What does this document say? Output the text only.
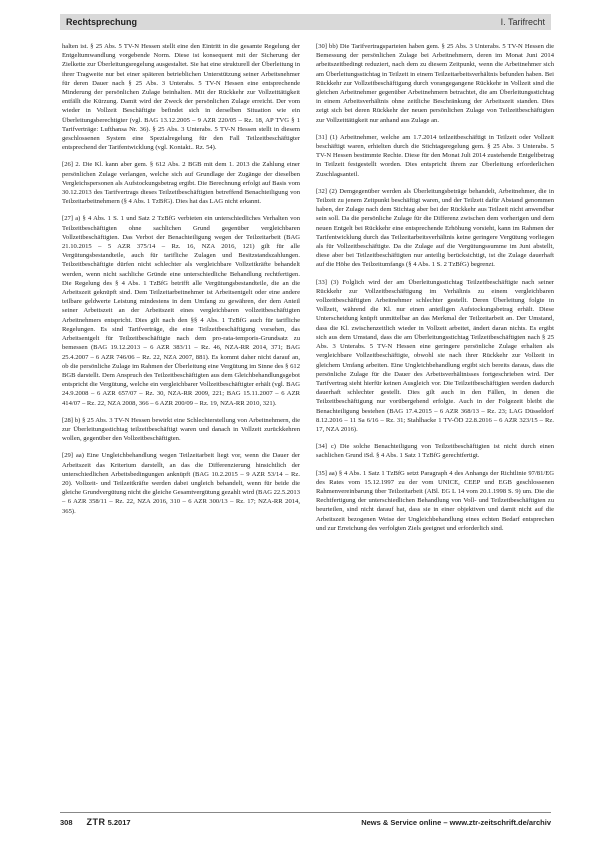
Rechtsprechung	I. Tarifrecht

halten ist. § 25 Abs. 5 TV-N Hessen stellt eine den Eintritt in die gesamte Regelung der Entgeltumwandlung vorgebende Norm. Diese ist konsequent mit der Sicherung der Zielkette zur Überleitungsregelung ausgestaltet. Sie hat eine strukturell der Überleitung in ihrer Tragweite nur bei einer späteren betrieblichen Unterstützung seiner Arbeitsnehmer für deren Dauer nach § 25 Abs. 3 Unterabs. 5 TV-N Hessen eine entsprechende Minderung der persönlichen Zulage beinhalten. Mit der Rückkehr zur Vollzeittätigkeit entfällt die Kürzung. Damit wird der Zweck der persönlichen Zulage erreicht. Der vom wieder in Vollzeit Beschäftigte befindet sich in derselben Situation wie ein Überleitungsberechtigter (vgl. BAG 13.12.2005 – 9 AZR 220/05 – Rz. 18, AP TVG § 1 Tarifverträge: Lufthansa Nr. 36). § 25 Abs. 3 Unterabs. 5 TV-N Hessen stellt in diesem geschlossenen System eine Spezialregelung für den Fall Teilzeitbeschäftigter entsprechend der Tarifentwicklung (vgl. Kontakt.. Rz. 54).

[26] 2. Die Kl. kann aber gem. § 612 Abs. 2 BGB mit dem 1. 2013 die Zahlung einer persönlichen Zulage verlangen, welche sich auf Grundlage der Zugänge der dieselben Vergleichspersonen als Aufstockungsbetrag ergibt. Die Berechnung erfolgt auf Basis vom 30.12.2013 des Tarifvertrags dieses Teilzeitbeschäftigten betreffend Benachteiligung von Teilzeitarbeitnehmern (§ 4 Abs. 1 TzBfG). Dies hat das LAG nicht erkannt.

[27] a) § 4 Abs. 1 S. 1 und Satz 2 TzBfG verbieten ein unterschiedliches Verhalten von Teilzeitbeschäftigten ohne sachlichen Grund gegenüber vergleichbaren Vollzeitbeschäftigten. Das Verbot der Benachteiligung wegen der Teilzeitarbeit (BAG 21.10.2015 – 5 AZR 375/14 – Rz. 16, NZA 2016, 121) gilt für alle Vergütungsbestandteile, auch für tarifliche Zulagen und Besitzstandszahlungen. Teilzeitbeschäftigte dürfen nicht schlechter als vergleichbare Vollzeitkräfte behandelt werden, wenn nicht sachliche Gründe eine unterschiedliche Behandlung rechtfertigen. Die Regelung des § 4 Abs. 1 TzBfG betrifft alle Vergütungsbestandteile, die an die Arbeitszeit geknüpft sind. Dem Teilzeitarbeitnehmer ist Arbeitsentgelt oder eine andere teilbare geldwerte Leistung mindestens in dem Umfang zu gewähren, der dem Anteil seiner Arbeitszeit an der Arbeitszeit eines vergleichbaren vollzeitbeschäftigten Arbeitnehmers entspricht. Dies gilt nach den §§ 4 Abs. 1 TzBfG auch für tarifliche Regelungen. Es sind Tarifverträge, die eine Teilzeitbeschäftigung vorsehen, das Arbeitsentgelt für Teilzeitbeschäftigte nach dem pro-rata-temporis-Grundsatz zu bemessen (BAG 19.12.2013 – 6 AZR 383/11 – Rz. 46, NZA-RR 2014, 371; BAG 25.4.2007 – 6 AZR 746/06 – Rz. 22, NZA 2007, 881). Es kommt daher nicht darauf an, ob die persönliche Zulage im Rahmen der Überleitung eine Vergütung im Sinne des § 612 BGB darstellt. Dem Anspruch des Teilzeitbeschäftigten aus dem Gleichbehandlungsgebot entspricht die Vergütung, welche ein vergleichbarer Vollzeitbeschäftigter erhält (vgl. BAG 24.9.2008 – 6 AZR 657/07 – Rz. 30, NZA-RR 2009, 221; BAG 15.11.2007 – 6 AZR 414/07 – Rz. 22, NZA 2008, 366 – 6 AZR 200/09 – Rz. 19, NZA-RR 2010, 321).

[28] b) § 25 Abs. 3 TV-N Hessen bewirkt eine Schlechterstellung von Arbeitnehmern, die zur Überleitungsstichtag teilzeitbeschäftigt waren und danach in Vollzeit zurückkehren wollen, gegenüber den Vollzeitbeschäftigten.

[29] aa) Eine Ungleichbehandlung wegen Teilzeitarbeit liegt vor, wenn die Dauer der Arbeitszeit das Kriterium darstellt, an das die Differenzierung hinsichtlich der unterschiedlichen Arbeitsbedingungen anknüpft (BAG 10.2.2015 – 9 AZR 53/14 – Rz. 20). Vollzeit- und Teilzeitkräfte werden dabei ungleich behandelt, wenn für beide die gleiche Grundvergütung nicht die gleiche Gesamtvergütung gezahlt wird (BAG 22.5.2013 – 6 AZR 358/11 – Rz. 22, NZA 2016, 310 – 6 AZR 300/13 – Rz. 17; NZA-RR 2014, 365).

[30] bb) Die Tarifvertragsparteien haben gem. § 25 Abs. 3 Unterabs. 5 TV-N Hessen die Bemessung der persönlichen Zulage bei Arbeitnehmern, deren im Monat Juni 2014 arbeitszeitbedingt reduziert, nach dem zu diesem Zeitpunkt, wenn die Arbeitnehmer sich am Überleitungsstichtag in Teilzeit in einem Teilzeitarbeitsverhältnis befunden haben. Bei Rückkehr zur Vollzeitbeschäftigung durch vorangegangene Rückkehr in Vollzeit sind die gleichen Arbeitnehmer gegenüber Arbeitnehmern betrachtet, die am Überleitungsstichtag in einem Arbeitsverhältnis ohne zeitliche Beschränkung der Arbeitszeit standen. Dies zeigt sich bei deren Rückkehr der neuen persönlichen Zulage von Teilzeitbeschäftigten zur Vollzeittätigkeit nur anhand aus Zulage an.

[31] (1) Arbeitnehmer, welche am 1.7.2014 teilzeitbeschäftigt in Teilzeit oder Vollzeit beschäftigt waren, erhielten durch die Stichtagsregelung gem. § 25 Abs. 3 Unterabs. 5 TV-N Hessen bestimmte Rechte. Diese für den Monat Juli 2014 zustehende Entgeltbetrag in Teilzeit festgestellt worden. Dies entspricht ihrem zur Überleitung erforderlichen Zuschlagsanteil.

[32] (2) Demgegenüber werden als Überleitungsbeträge behandelt, Arbeitnehmer, die in Teilzeit zu jenem Zeitpunkt beschäftigt waren, und der Teilzeit dafür Abstand genommen haben, der Zulage nach dem Stichtag aber bei der Rückkehr aus Teilzeit nicht anwendbar sein soll. Da die persönliche Zulage für die Differenz zwischen dem vorherigen und dem neuen Entgelt bei Rückkehr eine entsprechende Erhöhung vorsieht, kann im Rahmen der Tarifentwicklung durch das Teilzeitarbeitsverhältnis keine geringere Vergütung vorliegen als für Vollzeitbeschäftigte. Da die Zulage auf die Vergütungssumme im Juni abstellt, diese aber bei Teilzeitbeschäftigten nur anteilig berücksichtigt, ist die Zulage dauerhaft auf die Höhe des Teilzeitumfangs (§ 4 Abs. 1 S. 2 TzBfG) begrenzt.

[33] (3) Folglich wird der am Überleitungsstichtag Teilzeitbeschäftigte nach seiner Rückkehr zur Vollzeitbeschäftigung im Verhältnis zu einem vergleichbaren vollzeitbeschäftigten Arbeitnehmer schlechter gestellt. Deren Überleitung folgte in Vollzeit, während die Kl. nur einen anteiligen Aufstockungsbetrag erhält. Diese Unterscheidung knüpft unmittelbar an das Merkmal der Teilzeitarbeit an. Der Umstand, dass die Kl. zwischenzeitlich wieder in Vollzeit arbeitet, ändert daran nichts. Es ergibt sich aus dem Umstand, dass die am Überleitungsstichtag Teilzeitbeschäftigten nach § 25 Abs. 3 Unterabs. 5 TV-N Hessen eine geringere persönliche Zulage erhalten als vergleichbare Vollzeitbeschäftigte, obwohl sie nach ihrer Rückkehr zur Vollzeit in gleichem Umfang arbeiten. Eine Ungleichbehandlung ergibt sich bereits daraus, dass die persönliche Zulage für die Dauer des Arbeitsverhältnisses fortgeschrieben wird. Der Tarifvertrag sieht hierfür keinen Ausgleich vor. Die Teilzeitbeschäftigten werden dadurch dauerhaft schlechter gestellt. Dies gilt auch in den Fällen, in denen die Teilzeitbeschäftigung nur vorübergehend erfolgte. Auch in der Folgezeit bleibt die Benachteiligung bestehen (BAG 17.4.2015 – 6 AZR 368/13 – Rz. 23; LAG Düsseldorf 8.12.2016 – 11 Sa 6/16 – Rz. 31; Stahlhacke 1 TV-ÖD 22.8.2016 – 6 AZR 323/15 – Rz. 17, NZA 2016).

[34] c) Die solche Benachteiligung von Teilzeitbeschäftigten ist nicht durch einen sachlichen Grund iSd. § 4 Abs. 1 Satz 1 TzBfG gerechtfertigt.

[35] aa) § 4 Abs. 1 Satz 1 TzBfG setzt Paragraph 4 des Anhangs der Richtlinie 97/81/EG des Rates vom 15.12.1997 zu der vom UNICE, CEEP und EGB geschlossenen Rahmenvereinbarung über Teilzeitarbeit (ABl. EG L 14 vom 20.1.1998 S. 9) um. Die die Rechtfertigung der unterschiedlichen Behandlung von Voll- und Teilzeitbeschäftigten zu beurteilen, sind nicht darauf hat, dass sie in einer objektiven und damit nicht auf die Arbeitszeit bezogenen Weise der Ungleichbehandlung eines echten Bedarf entsprechen und zur Erreichung des verfolgten Ziels geeignet und erforderlich sind.

308 ZTR 5.2017	News & Service online – www.ztr-zeitschrift.de/archiv
